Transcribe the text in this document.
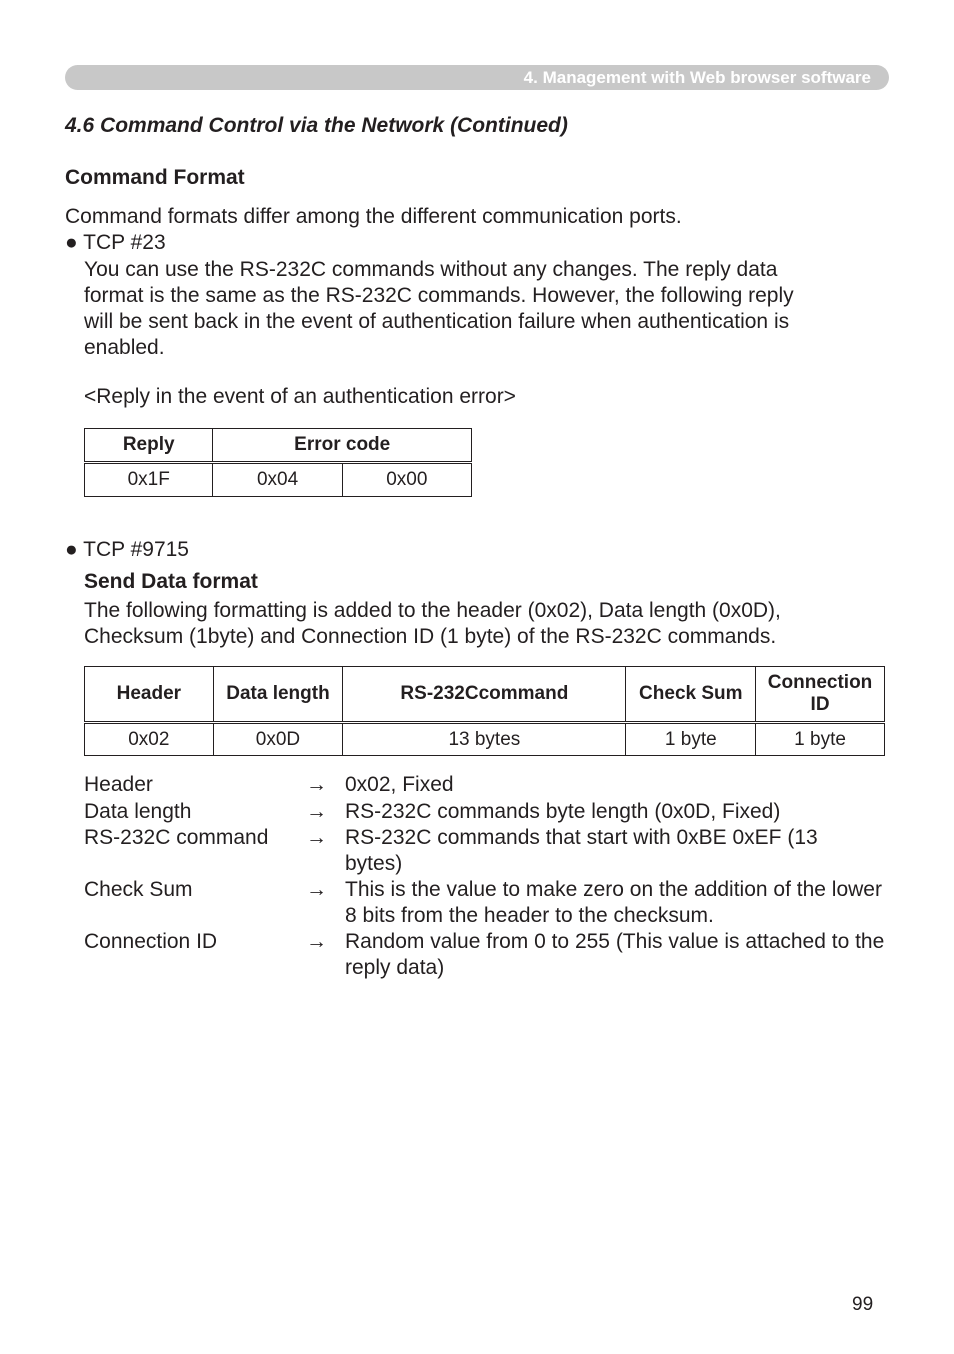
4. Management with Web browser software
4.6 Command Control via the Network (Continued)
Command Format
Command formats differ among the different communication ports.
● TCP #23
You can use the RS-232C commands without any changes. The reply data
format is the same as the RS-232C commands. However, the following reply
will be sent back in the event of authentication failure when authentication is
enabled.
<Reply in the event of an authentication error>
Reply	Error code	
0x1F	0x04	0x00
● TCP #9715
Send Data format
The following formatting is added to the header (0x02), Data length (0x0D),
Checksum (1byte) and Connection ID (1 byte) of the RS-232C commands.
Header	Data length	RS-232Ccommand	Check Sum	Connection ID
0x02	0x0D	13 bytes	1 byte	1 byte
Header	→ 0x02, Fixed
Data length	→ RS-232C commands byte length (0x0D, Fixed)
RS-232C command → RS-232C commands that start with 0xBE 0xEF (13 bytes)
Check Sum	→ This is the value to make zero on the addition of the lower 8 bits from the header to the checksum.
Connection ID	→ Random value from 0 to 255 (This value is attached to the reply data)
99
